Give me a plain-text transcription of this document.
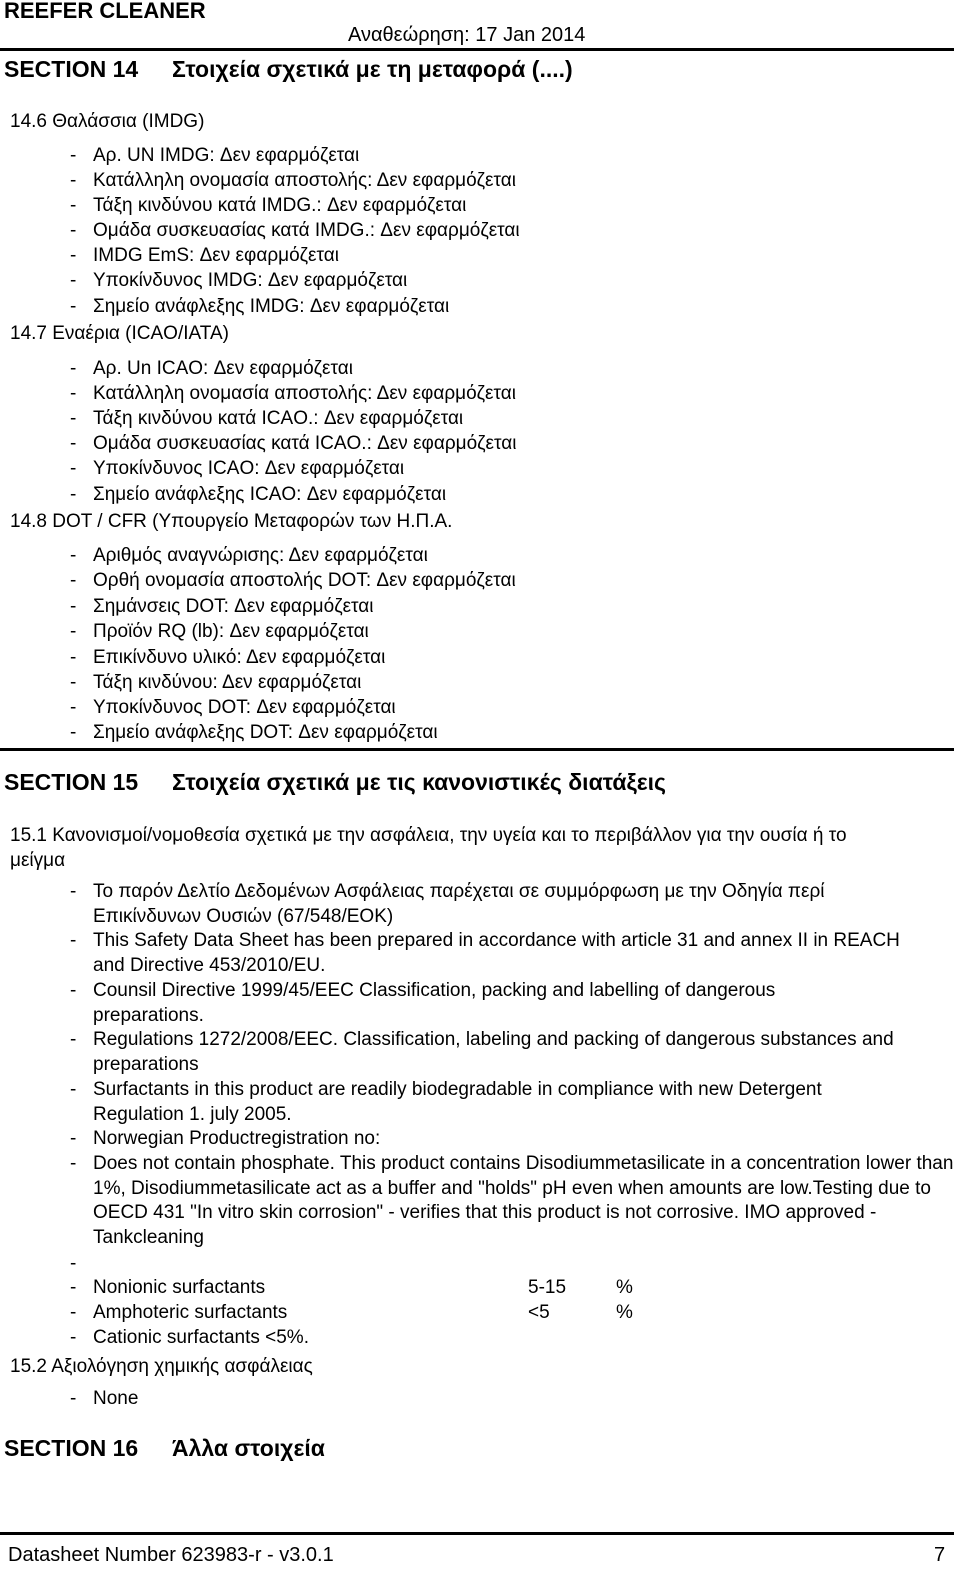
REEFER CLEANER
Αναθεώρηση: 17 Jan 2014
SECTION 14 Στοιχεία σχετικά με τη μεταφορά (....)
14.6 Θαλάσσια (IMDG)
- Αρ. UN IMDG: Δεν εφαρμόζεται
- Κατάλληλη ονομασία αποστολής: Δεν εφαρμόζεται
- Τάξη κινδύνου κατά IMDG.: Δεν εφαρμόζεται
- Ομάδα συσκευασίας κατά IMDG.: Δεν εφαρμόζεται
- IMDG EmS: Δεν εφαρμόζεται
- Υποκίνδυνος IMDG: Δεν εφαρμόζεται
- Σημείο ανάφλεξης IMDG: Δεν εφαρμόζεται
14.7 Εναέρια (ICAO/IATA)
- Αρ. Un ICAO: Δεν εφαρμόζεται
- Κατάλληλη ονομασία αποστολής: Δεν εφαρμόζεται
- Τάξη κινδύνου κατά ICAO.: Δεν εφαρμόζεται
- Ομάδα συσκευασίας κατά ICAO.: Δεν εφαρμόζεται
- Υποκίνδυνος ICAO: Δεν εφαρμόζεται
- Σημείο ανάφλεξης ICAO: Δεν εφαρμόζεται
14.8 DOT / CFR (Υπουργείο Μεταφορών των Η.Π.Α.
- Αριθμός αναγνώρισης: Δεν εφαρμόζεται
- Ορθή ονομασία αποστολής DOT: Δεν εφαρμόζεται
- Σημάνσεις DOT: Δεν εφαρμόζεται
- Προϊόν RQ (lb): Δεν εφαρμόζεται
- Επικίνδυνο υλικό: Δεν εφαρμόζεται
- Τάξη κινδύνου: Δεν εφαρμόζεται
- Υποκίνδυνος DOT: Δεν εφαρμόζεται
- Σημείο ανάφλεξης DOT: Δεν εφαρμόζεται
SECTION 15 Στοιχεία σχετικά με τις κανονιστικές διατάξεις
15.1 Κανονισμοί/νομοθεσία σχετικά με την ασφάλεια, την υγεία και το περιβάλλον για την ουσία ή το
μείγμα
- Το παρόν Δελτίο Δεδομένων Ασφάλειας παρέχεται σε συμμόρφωση με την Οδηγία περί Επικίνδυνων Ουσιών (67/548/ΕΟΚ)
- This Safety Data Sheet has been prepared in accordance with article 31 and annex II in REACH and Directive 453/2010/EU.
- Counsil Directive 1999/45/EEC Classification, packing and labelling of dangerous preparations.
- Regulations 1272/2008/EEC. Classification, labeling and packing of dangerous substances and preparations
- Surfactants in this product are readily biodegradable in compliance with new Detergent Regulation 1. july 2005.
- Norwegian Productregistration no:
- Does not contain phosphate. This product contains Disodiummetasilicate in a concentration lower than 1%, Disodiummetasilicate act as a buffer and "holds" pH even when amounts are low.Testing due to OECD 431 "In vitro skin corrosion" - verifies that this product is not corrosive. IMO approved - Tankcleaning
-
- Nonionic surfactants	5-15	%
- Amphoteric surfactants	<5	%
- Cationic surfactants <5%.
15.2 Αξιολόγηση χημικής ασφάλειας
- None
SECTION 16 Άλλα στοιχεία
Datasheet Number 623983-r - v3.0.1	7
